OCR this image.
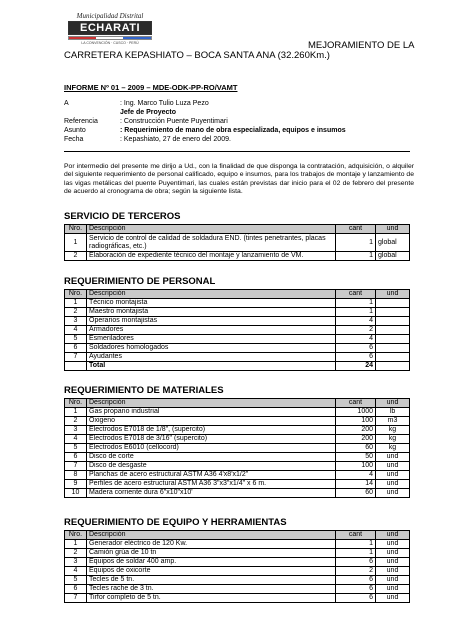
Municipalidad Distrital
ECHARATI
LA CONVENCIÓN · CUSCO · PERÚ	MEJORAMIENTO DE LA
CARRETERA KEPASHIATO – BOCA SANTA ANA (32.260Km.)
INFORME Nº 01 – 2009 – MDE-ODK-PP-RO/VAMT
A	: Ing. Marco Tulio Luza Pezo
Jefe de Proyecto
Referencia	: Construcción Puente Puyentimari
Asunto	: Requerimiento de mano de obra especializada, equipos e insumos
Fecha	: Kepashiato, 27 de enero del 2009.
Por intermedio del presente me dirijo a Ud., con la finalidad de que disponga la contratación, adquisición, o alquiler del siguiente requerimiento de personal calificado, equipo e insumos, para los trabajos de montaje y lanzamiento de las vigas metálicas del puente Puyentimari, las cuales están previstas dar inicio para el 02 de febrero del presente de acuerdo al cronograma de obra; según la siguiente lista.
SERVICIO DE TERCEROS
Nro.	Descripción	cant	und
1	Servicio de control de calidad de soldadura END. (tintes penetrantes, placas radiográficas, etc.)	1	global
2	Elaboración de expediente técnico del montaje y lanzamiento de VM.	1	global
REQUERIMIENTO DE PERSONAL
Nro.	Descripción	cant	und
1	Técnico montajista	1	
2	Maestro montajista	1	
3	Operarios montajistas	4	
4	Armadores	2	
5	Esmeriladores	4	
6	Soldadores homologados	6	
7	Ayudantes	6	
	Total	24	
REQUERIMIENTO DE MATERIALES
Nro.	Descripción	cant	und
1	Gas propano industrial	1000	lb
2	Oxigeno	100	m3
3	Electrodos E7018 de 1/8", (supercito)	200	kg
4	Electrodos E7018 de 3/16" (supercito)	200	kg
5	Electrodos E6010 (cellocord)	60	kg
6	Disco de corte	50	und
7	Disco de desgaste	100	und
8	Planchas de acero estructural ASTM A36 4'x8'x1/2"	4	und
9	Perfiles de acero estructural ASTM A36 3"x3"x1/4" x 6 m.	14	und
10	Madera corriente dura 6"x10"x10'	60	und
REQUERIMIENTO DE EQUIPO Y HERRAMIENTAS
Nro.	Descripción	cant	und
1	Generador eléctrico de 120 Kw.	1	und
2	Camión grúa de 10 tn	1	und
3	Equipos de soldar 400 amp.	6	und
4	Equipos de oxicorte	2	und
5	Tecles de 5 tn.	6	und
6	Tecles rache de 3 tn.	6	und
7	Tirfor completo de 5 tn.	6	und
